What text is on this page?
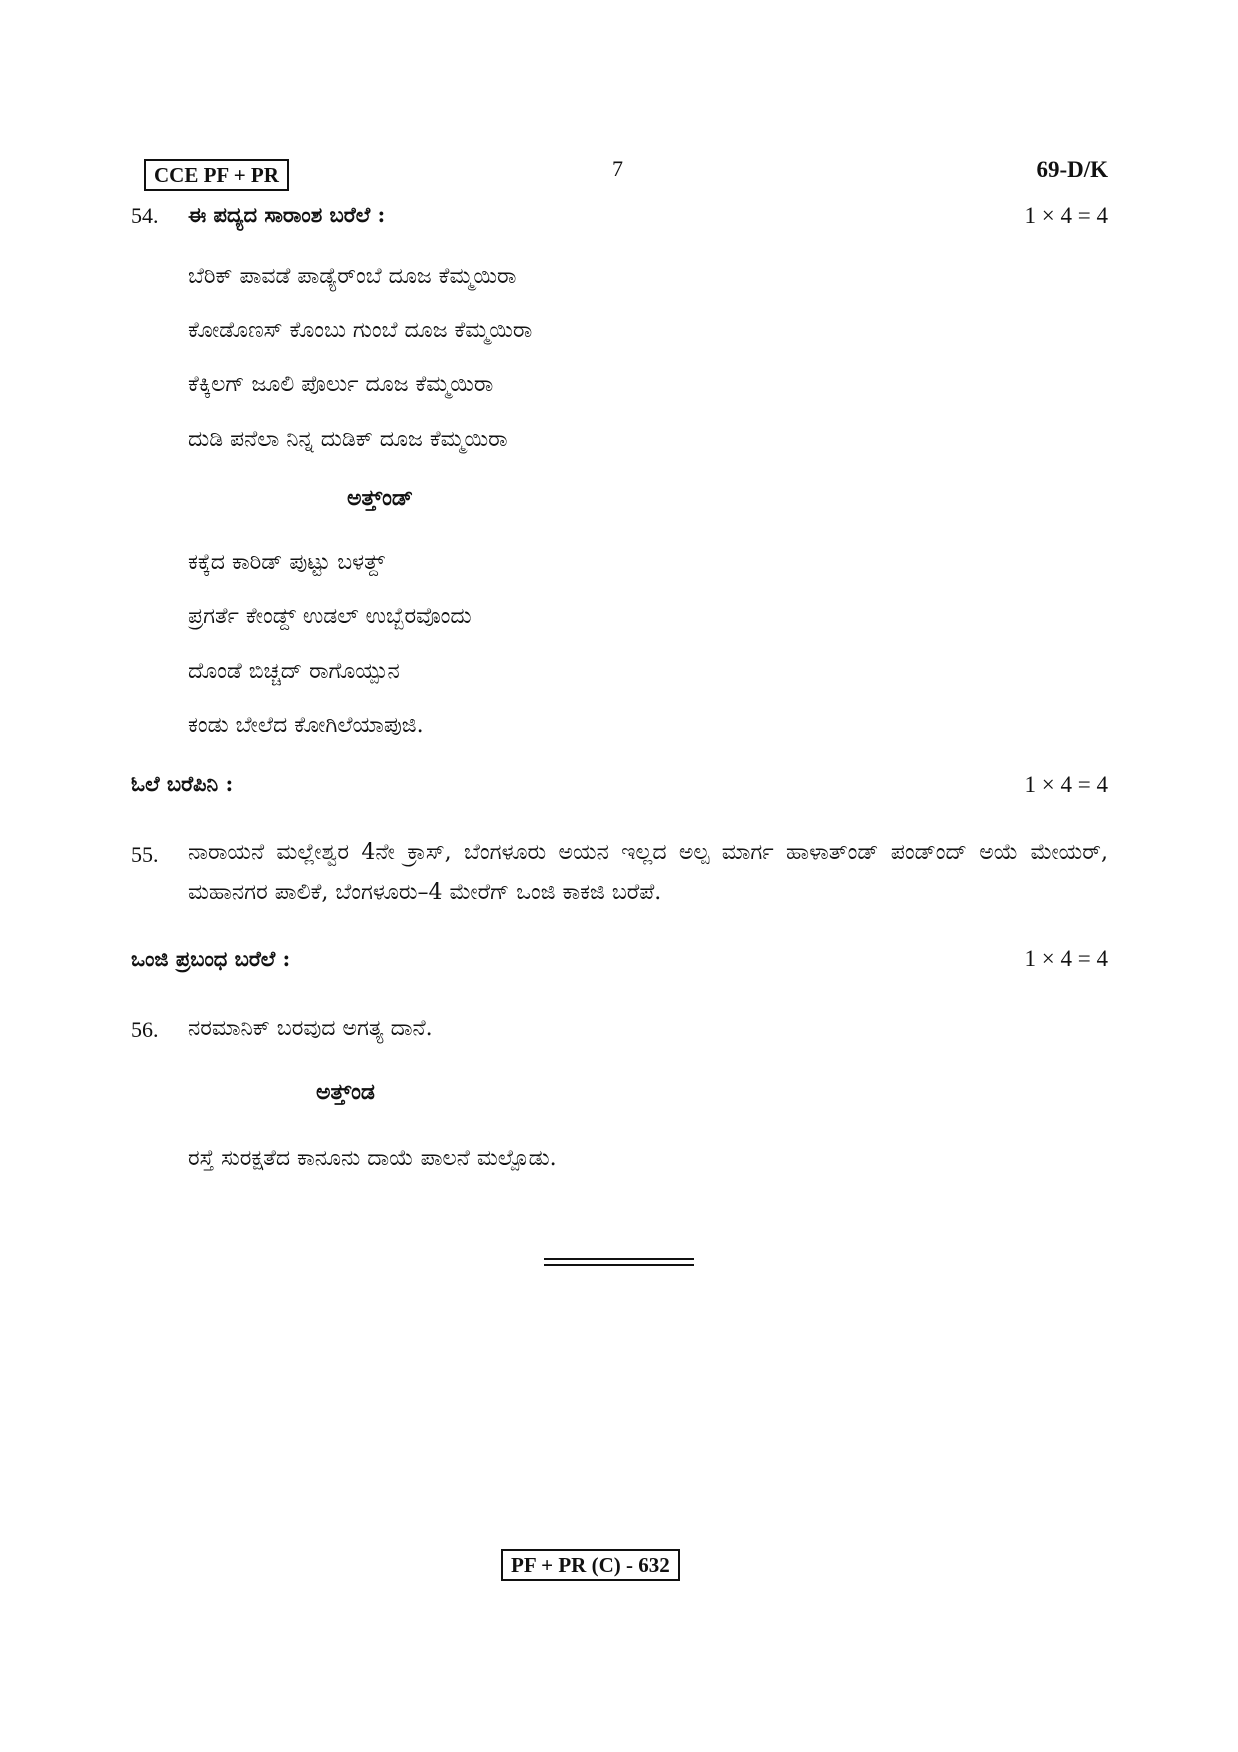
CCE PF + PR	7	69-D/K
54. ಈ ಪದ್ಯದ ಸಾರಾಂಶ ಬರೆಲೆ :	1 × 4 = 4
ಬೆರಿಕ್ ಪಾವಡೆ ಪಾಡ್ಯೆರ್ಂಬೆ ದೂಜ ಕೆಮ್ಮಯಿರಾ
ಕೋಡೊಣಸ್ ಕೊಂಬು ಗುಂಬೆ ದೂಜ ಕೆಮ್ಮಯಿರಾ
ಕೆಕ್ಕಿಲಗ್ ಜೂಲಿ ಪೊರ್ಲು ದೂಜ ಕೆಮ್ಮಯಿರಾ
ದುಡಿ ಪನೆಲಾ ನಿನ್ನ ದುಡಿಕ್ ದೂಜ ಕೆಮ್ಮಯಿರಾ
ಅತ್ತ್ಂಡ್
ಕಕ್ಕೆದ ಕಾರಿಡ್ ಪುಟ್ಟು ಬಳತ್ದ್
ಪ್ರಗರ್ತೆ ಕೇಂಡ್ದ್ ಉಡಲ್ ಉಬ್ಬೆರವೊಂದು
ದೊಂಡೆ ಬಿಚ್ಚದ್ ರಾಗೊಯ್ಪುನ
ಕಂಡು ಬೇಲೆದ ಕೋಗಿಲೆಯಾಪುಜಿ.
ಓಲೆ ಬರೆಪಿನಿ :	1 × 4 = 4
55. ನಾರಾಯನೆ ಮಲ್ಲೇಶ್ವರ 4ನೇ ಕ್ರಾಸ್, ಬೆಂಗಳೂರು ಅಯನ ಇಲ್ಲದ ಅಲ್ಪ ಮಾರ್ಗ ಹಾಳಾತ್ಂಡ್ ಪಂಡ್ಂದ್ ಅಯೆ ಮೇಯರ್, ಮಹಾನಗರ ಪಾಲಿಕೆ, ಬೆಂಗಳೂರು–4 ಮೇರೆಗ್ ಒಂಜಿ ಕಾಕಜಿ ಬರೆಪೆ.
ಒಂಜಿ ಪ್ರಬಂಧ ಬರೆಲೆ :	1 × 4 = 4
56. ನರಮಾನಿಕ್ ಬರವುದ ಅಗತ್ಯ ದಾನೆ.
ಅತ್ತ್ಂಡ
ರಸ್ತೆ ಸುರಕ್ಷತೆದ ಕಾನೂನು ದಾಯೆ ಪಾಲನೆ ಮಲ್ಪೊಡು.
PF + PR (C) - 632
